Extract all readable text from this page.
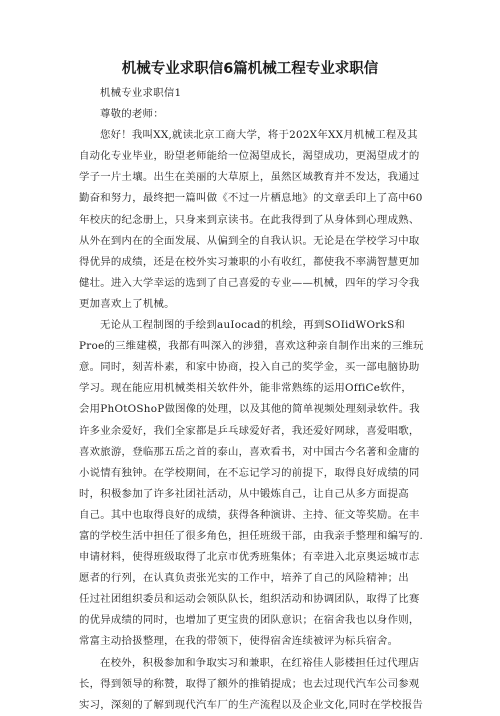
机械专业求职信6篇机械工程专业求职信
机械专业求职信1
尊敬的老师：

您好！我叫XX,就读北京工商大学，将于202X年XX月机械工程及其
自动化专业毕业，盼望老师能给一位渴望成长，渴望成功，更渴望成才的
学子一片土壤。出生在美丽的大草原上，虽然区域教育并不发达，我通过
勤奋和努力，最终把一篇叫做《不过一片栖息地》的文章丢印上了高中60
年校庆的纪念册上，只身来到京读书。在此我得到了从身体到心理成熟、
从外在到内在的全面发展、从偏到全的自我认识。无论是在学校学习中取
得优异的成绩，还是在校外实习兼职的小有收红，都使我不率满智慧更加
健壮。进入大学幸运的选到了自己喜爱的专业——机械，四年的学习令我
更加喜欢上了机械。

无论从工程制图的手绘到auIocad的机绘，再到SOIidWOrkS和
Proe的三维建模，我都有叫深入的涉猎，喜欢这种亲自制作出来的三维玩
意。同时，刻苦朴素，和家中协商，投入自己的奖学金，买一部电脑协助
学习。现在能应用机械类相关软件外，能非常熟练的运用OffiCe软件，
会用PhOtOShoP做图像的处理，以及其他的简单视频处理刻录软件。我
许多业余爱好，我们全家都是乒乓球爱好者，我还爱好网球，喜爱唱歌，
喜欢旅游，登临那五岳之首的泰山，喜欢看书，对中国古今名著和金庸的
小说情有独钟。在学校期间，在不忘记学习的前提下，取得良好成绩的同
时，积极参加了许多社团社活动，从中锻炼自己，让自己从多方面提高
自己。其中也取得良好的成绩，获得各种演讲、主持、征文等奖励。在丰
富的学校生活中担任了很多角色，担任班级干部，由我亲手整理和编写的.
申请材料，使得班级取得了北京市优秀班集体；有幸进入北京奥运城市志
愿者的行列，在认真负责张光实的工作中，培养了自己的风险精神；出
任过社团组织委员和运动会领队队长，组织活动和协调团队，取得了比赛
的优异成绩的同时，也增加了更宝贵的团队意识；在宿舍我也以身作则，
常富主动拾扱整理，在我的带领下，使得宿舍连续被评为标兵宿舍。

在校外，积极参加和争取实习和兼职，在红裕佳人影楼担任过代理店
长，得到领导的称赞，取得了额外的推销提成；也去过现代汽车公司参观
实习，深刻的了解到现代汽车厂的生产流程以及企业文化,同时在学校报告
